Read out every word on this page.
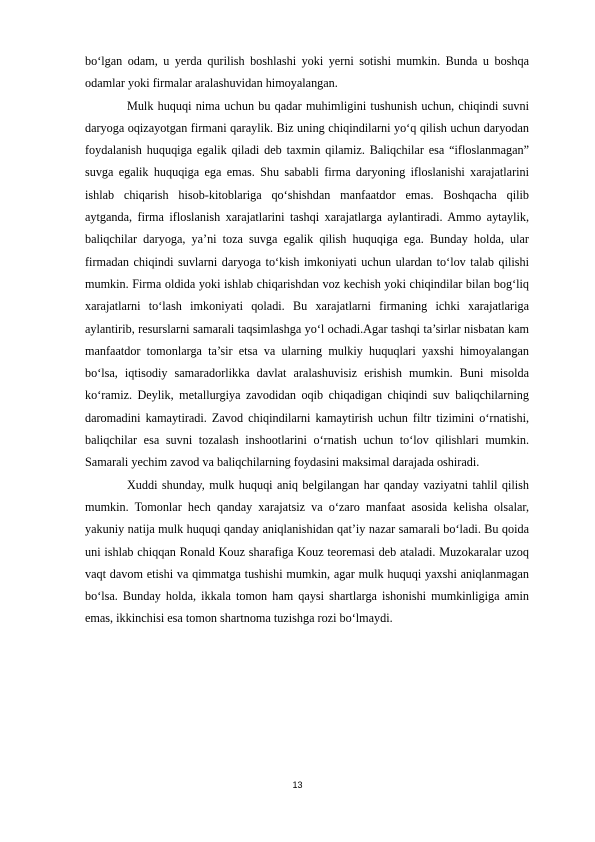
bo‘lgan odam, u yerda qurilish boshlashi yoki yerni sotishi mumkin. Bunda u boshqa odamlar yoki firmalar aralashuvidan himoyalangan.

Mulk huquqi nima uchun bu qadar muhimligini tushunish uchun, chiqindi suvni daryoga oqizayotgan firmani qaraylik. Biz uning chiqindilarni yo‘q qilish uchun daryodan foydalanish huquqiga egalik qiladi deb taxmin qilamiz. Baliqchilar esa “ifloslanmagan” suvga egalik huquqiga ega emas. Shu sababli firma daryoning ifloslanishi xarajatlarini ishlab chiqarish hisob-kitoblariga qo‘shishdan manfaatdor emas. Boshqacha qilib aytganda, firma ifloslanish xarajatlarini tashqi xarajatlarga aylantiradi. Ammo aytaylik, baliqchilar daryoga, ya’ni toza suvga egalik qilish huquqiga ega. Bunday holda, ular firmadan chiqindi suvlarni daryoga to‘kish imkoniyati uchun ulardan to‘lov talab qilishi mumkin. Firma oldida yoki ishlab chiqarishdan voz kechish yoki chiqindilar bilan bog‘liq xarajatlarni to‘lash imkoniyati qoladi. Bu xarajatlarni firmaning ichki xarajatlariga aylantirib, resurslarni samarali taqsimlashga yo‘l ochadi.Agar tashqi ta’sirlar nisbatan kam manfaatdor tomonlarga ta’sir etsa va ularning mulkiy huquqlari yaxshi himoyalangan bo‘lsa, iqtisodiy samaradorlikka davlat aralashuvisiz erishish mumkin. Buni misolda ko‘ramiz. Deylik, metallurgiya zavodidan oqib chiqadigan chiqindi suv baliqchilarning daromadini kamaytiradi. Zavod chiqindilarni kamaytirish uchun filtr tizimini o‘rnatishi, baliqchilar esa suvni tozalash inshootlarini o‘rnatish uchun to‘lov qilishlari mumkin. Samarali yechim zavod va baliqchilarning foydasini maksimal darajada oshiradi.

Xuddi shunday, mulk huquqi aniq belgilangan har qanday vaziyatni tahlil qilish mumkin. Tomonlar hech qanday xarajatsiz va o‘zaro manfaat asosida kelisha olsalar, yakuniy natija mulk huquqi qanday aniqlanishidan qat’iy nazar samarali bo‘ladi. Bu qoida uni ishlab chiqqan Ronald Kouz sharafiga Kouz teoremasi deb ataladi. Muzokaralar uzoq vaqt davom etishi va qimmatga tushishi mumkin, agar mulk huquqi yaxshi aniqlanmagan bo‘lsa. Bunday holda, ikkala tomon ham qaysi shartlarga ishonishi mumkinligiga amin emas, ikkinchisi esa tomon shartnoma tuzishga rozi bo‘lmaydi.

13
